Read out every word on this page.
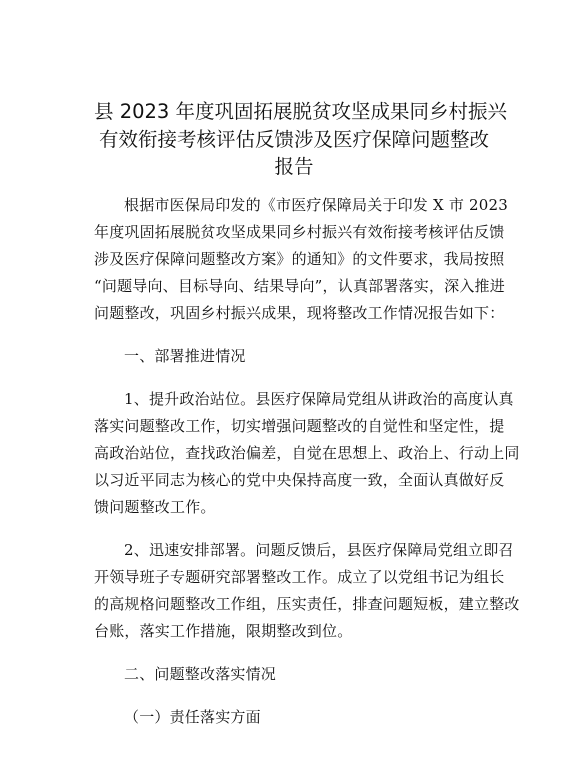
县 2023 年度巩固拓展脱贫攻坚成果同乡村振兴
有效衔接考核评估反馈涉及医疗保障问题整改
报告

根据市医保局印发的《市医疗保障局关于印发 X 市 2023
年度巩固拓展脱贫攻坚成果同乡村振兴有效衔接考核评估反馈
涉及医疗保障问题整改方案》的通知》的文件要求，我局按照
“问题导向、目标导向、结果导向”，认真部署落实，深入推进
问题整改，巩固乡村振兴成果，现将整改工作情况报告如下：

一、部署推进情况

1、提升政治站位。县医疗保障局党组从讲政治的高度认真
落实问题整改工作，切实增强问题整改的自觉性和坚定性，提
高政治站位，查找政治偏差，自觉在思想上、政治上、行动上同
以习近平同志为核心的党中央保持高度一致，全面认真做好反
馈问题整改工作。

2、迅速安排部署。问题反馈后，县医疗保障局党组立即召
开领导班子专题研究部署整改工作。成立了以党组书记为组长
的高规格问题整改工作组，压实责任，排查问题短板，建立整改
台账，落实工作措施，限期整改到位。

二、问题整改落实情况

（一）责任落实方面
